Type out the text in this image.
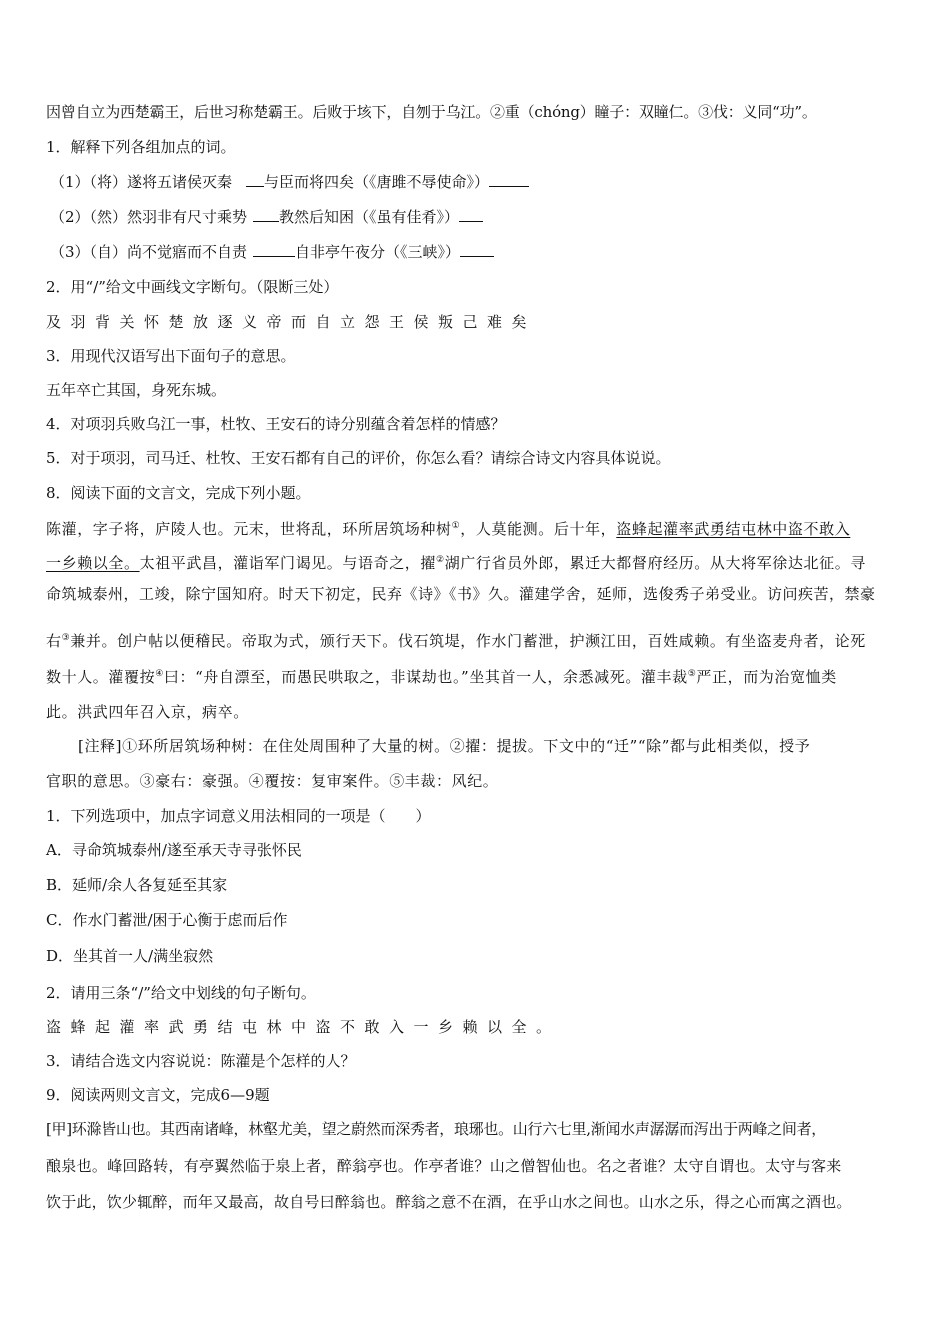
因曾自立为西楚霸王，后世习称楚霸王。后败于垓下，自刎于乌江。②重（chóng）瞳子：双瞳仁。③伐：义同“功”。
1．解释下列各组加点的词。
（1）（将）遂将五诸侯灭秦 与臣而将四矣（《唐雎不辱使命》）
（2）（然）然羽非有尺寸乘势 教然后知困（《虽有佳肴》）
（3）（自）尚不觉寤而不自责	自非亭午夜分（《三峡》）
2．用“/”给文中画线文字断句。（限断三处）
及羽背关怀楚放逐义帝而自立怨王侯叛己难矣
3．用现代汉语写出下面句子的意思。
五年卒亡其国，身死东城。
4．对项羽兵败乌江一事，杜牧、王安石的诗分别蕴含着怎样的情感？
5．对于项羽，司马迁、杜牧、王安石都有自己的评价，你怎么看？请综合诗文内容具体说说。
8．阅读下面的文言文，完成下列小题。
陈灌，字子将，庐陵人也。元末，世将乱，环所居筑场种树①，人莫能测。后十年，盗蜂起灌率武勇结屯林中盗不敢入
一乡赖以全。太祖平武昌，灌诣军门谒见。与语奇之，擢②湖广行省员外郎，累迁大都督府经历。从大将军徐达北征。寻
命筑城泰州，工竣，除宁国知府。时天下初定，民弃《诗》《书》久。灌建学舍，延师，选俊秀子弟受业。访问疾苦，禁豪
右③兼并。创户帖以便稽民。帝取为式，颁行天下。伐石筑堤，作水门蓄泄，护濒江田，百姓咸赖。有坐盗麦舟者，论死
数十人。灌覆按④曰：“舟自漂至，而愚民哄取之，非谋劫也。”坐其首一人，余悉减死。灌丰裁⑤严正，而为治宽恤类
此。洪武四年召入京，病卒。
[注释]①环所居筑场种树：在住处周围种了大量的树。②擢：提拔。下文中的“迁”“除”都与此相类似，授予
官职的意思。③豪右：豪强。④覆按：复审案件。⑤丰裁：风纪。
1．下列选项中，加点字词意义用法相同的一项是（　　）
A．寻命筑城泰州/遂至承天寺寻张怀民
B．延师/余人各复延至其家
C．作水门蓄泄/困于心衡于虑而后作
D．坐其首一人/满坐寂然
2．请用三条“/”给文中划线的句子断句。
盗蜂起灌率武勇结屯林中盗不敢入一乡赖以全。
3．请结合选文内容说说：陈灌是个怎样的人？
9．阅读两则文言文，完成6—9题
[甲]环滁皆山也。其西南诸峰，林壑尤美，望之蔚然而深秀者，琅琊也。山行六七里,渐闻水声潺潺而泻出于两峰之间者，
酿泉也。峰回路转，有亭翼然临于泉上者，醉翁亭也。作亭者谁？山之僧智仙也。名之者谁？太守自谓也。太守与客来
饮于此，饮少辄醉，而年又最高，故自号曰醉翁也。醉翁之意不在酒，在乎山水之间也。山水之乐，得之心而寓之酒也。
